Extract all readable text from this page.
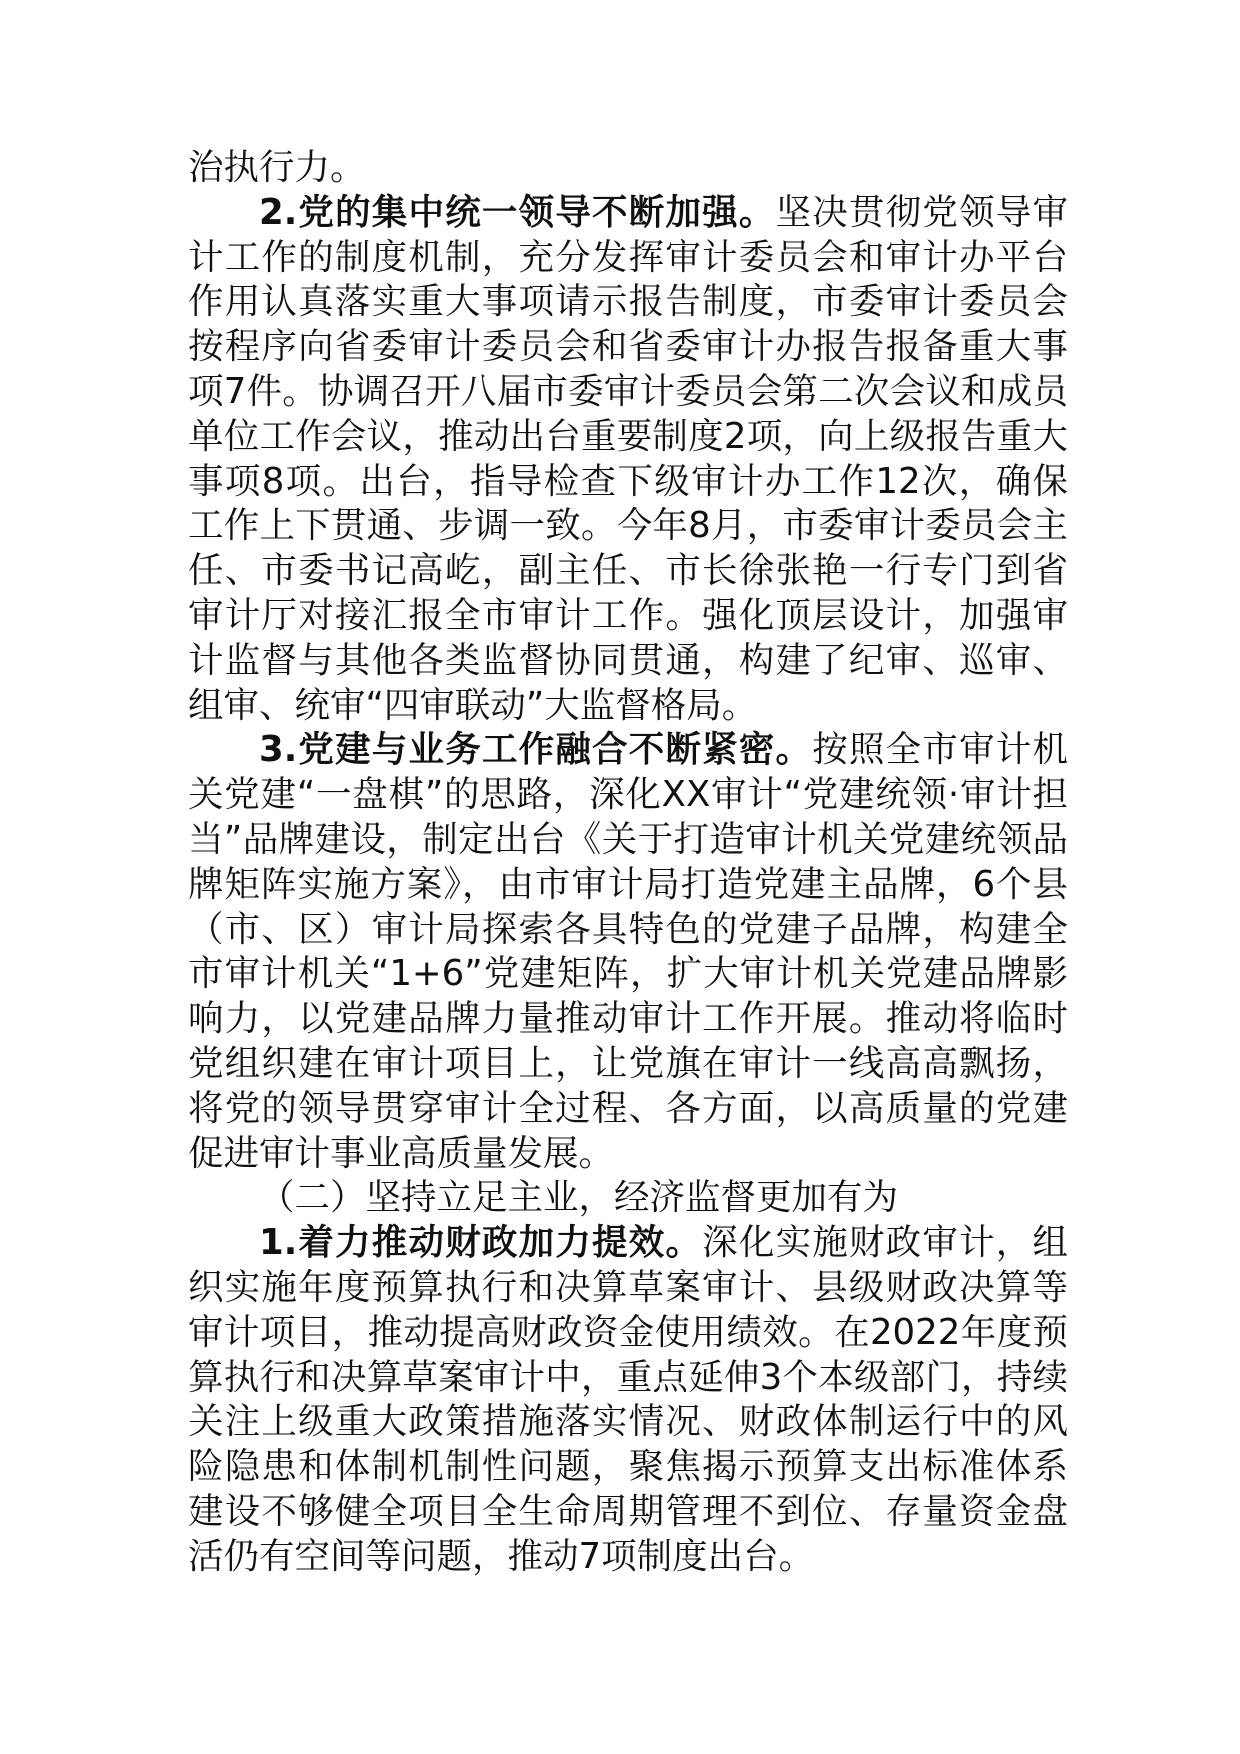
治执行力。

2.党的集中统一领导不断加强。坚决贯彻党领导审计工作的制度机制，充分发挥审计委员会和审计办平台作用认真落实重大事项请示报告制度，市委审计委员会按程序向省委审计委员会和省委审计办报告报备重大事项7件。协调召开八届市委审计委员会第二次会议和成员单位工作会议，推动出台重要制度2项，向上级报告重大事项8项。出台，指导检查下级审计办工作12次，确保工作上下贯通、步调一致。今年8月，市委审计委员会主任、市委书记高屹，副主任、市长徐张艳一行专门到省审计厅对接汇报全市审计工作。强化顶层设计，加强审计监督与其他各类监督协同贯通，构建了纪审、巡审、组审、统审“四审联动”大监督格局。

3.党建与业务工作融合不断紧密。按照全市审计机关党建“一盘棋”的思路，深化XX审计“党建统领·审计担当”品牌建设，制定出台《关于打造审计机关党建统领品牌矩阵实施方案》，由市审计局打造党建主品牌，6个县（市、区）审计局探索各具特色的党建子品牌，构建全市审计机关“1+6”党建矩阵，扩大审计机关党建品牌影响力，以党建品牌力量推动审计工作开展。推动将临时党组织建在审计项目上，让党旗在审计一线高高飘扬，将党的领导贯穿审计全过程、各方面，以高质量的党建促进审计事业高质量发展。

（二）坚持立足主业，经济监督更加有为

1.着力推动财政加力提效。深化实施财政审计，组织实施年度预算执行和决算草案审计、县级财政决算等审计项目，推动提高财政资金使用绩效。在2022年度预算执行和决算草案审计中，重点延伸3个本级部门，持续关注上级重大政策措施落实情况、财政体制运行中的风险隐患和体制机制性问题，聚焦揭示预算支出标准体系建设不够健全项目全生命周期管理不到位、存量资金盘活仍有空间等问题，推动7项制度出台。
